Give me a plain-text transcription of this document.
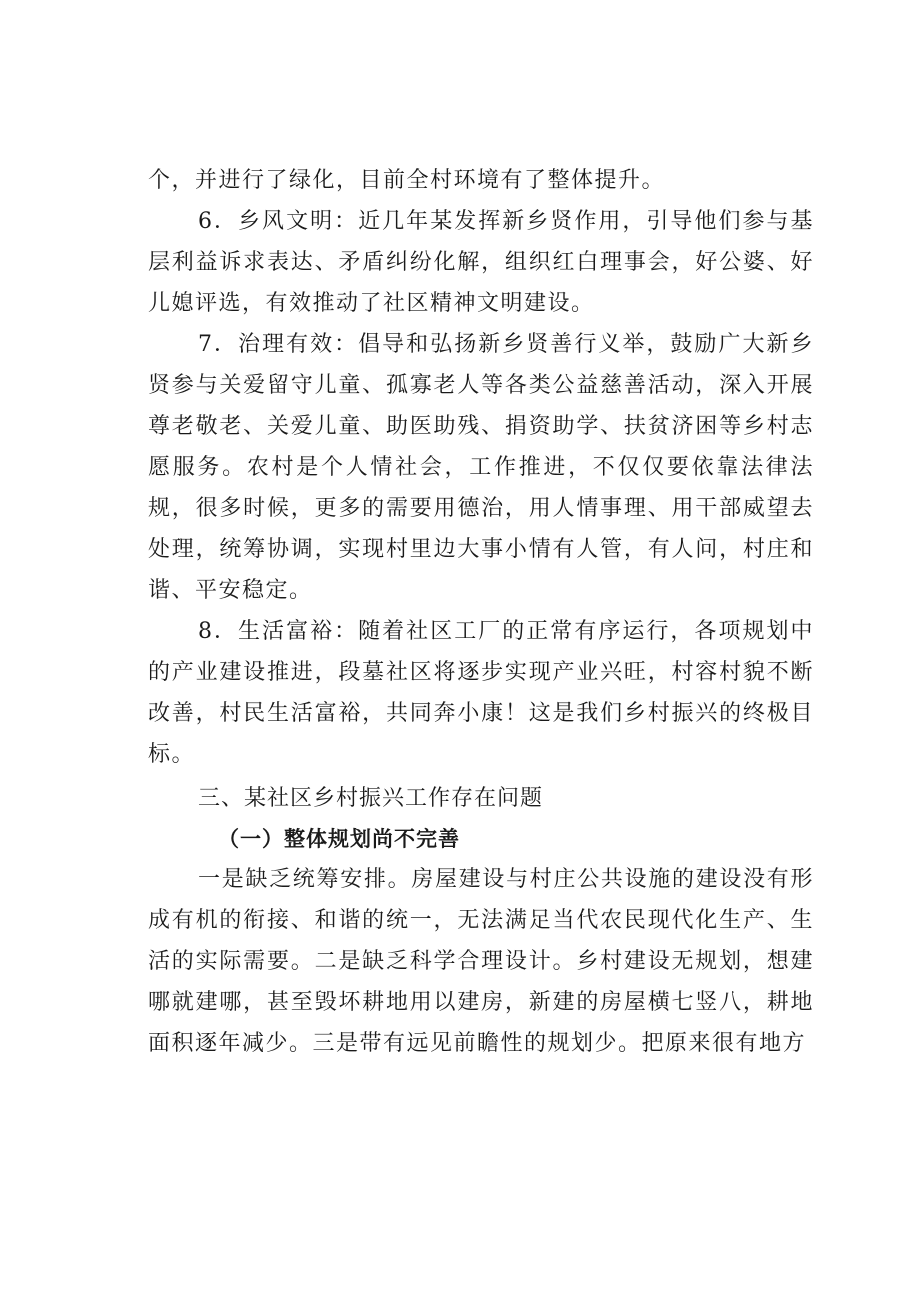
个，并进行了绿化，目前全村环境有了整体提升。

6．乡风文明：近几年某发挥新乡贤作用，引导他们参与基层利益诉求表达、矛盾纠纷化解，组织红白理事会，好公婆、好儿媳评选，有效推动了社区精神文明建设。

7．治理有效：倡导和弘扬新乡贤善行义举，鼓励广大新乡贤参与关爱留守儿童、孤寡老人等各类公益慈善活动，深入开展尊老敬老、关爱儿童、助医助残、捐资助学、扶贫济困等乡村志愿服务。农村是个人情社会，工作推进，不仅仅要依靠法律法规，很多时候，更多的需要用德治，用人情事理、用干部威望去处理，统筹协调，实现村里边大事小情有人管，有人问，村庄和谐、平安稳定。

8．生活富裕：随着社区工厂的正常有序运行，各项规划中的产业建设推进，段墓社区将逐步实现产业兴旺，村容村貌不断改善，村民生活富裕，共同奔小康！这是我们乡村振兴的终极目标。

三、某社区乡村振兴工作存在问题
（一）整体规划尚不完善

一是缺乏统筹安排。房屋建设与村庄公共设施的建设没有形成有机的衔接、和谐的统一，无法满足当代农民现代化生产、生活的实际需要。二是缺乏科学合理设计。乡村建设无规划，想建哪就建哪，甚至毁坏耕地用以建房，新建的房屋横七竖八，耕地面积逐年减少。三是带有远见前瞻性的规划少。把原来很有地方
